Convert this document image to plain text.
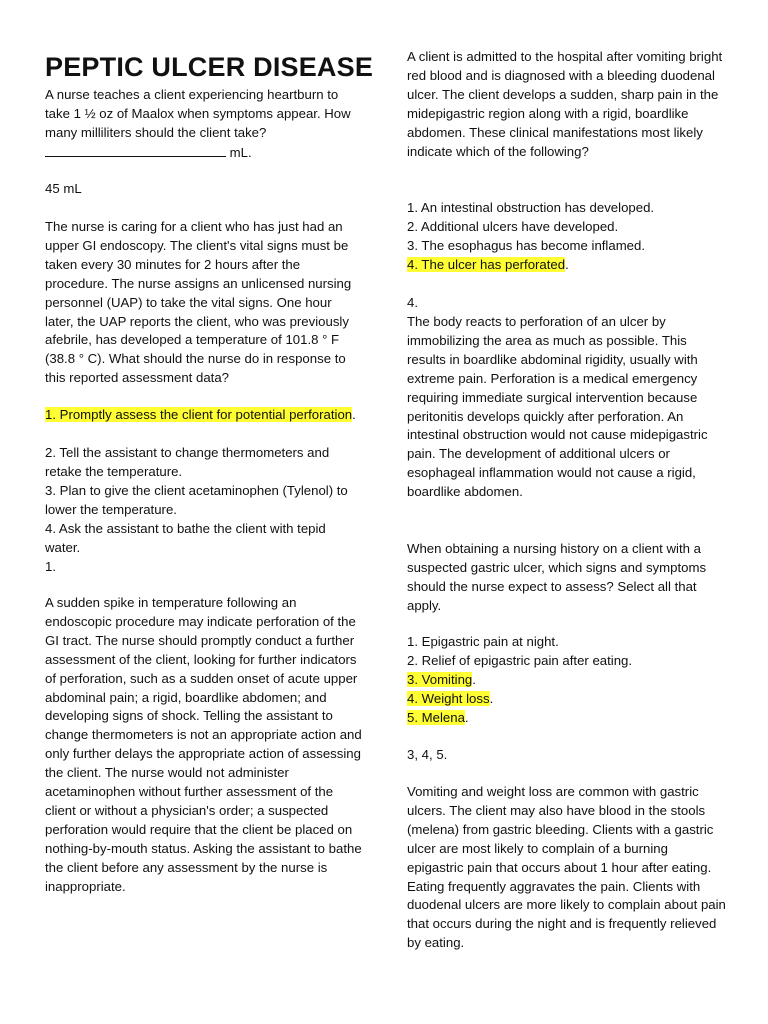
PEPTIC ULCER DISEASE

A nurse teaches a client experiencing heartburn to take 1 ½ oz of Maalox when symptoms appear. How many milliliters should the client take?
mL.

45 mL

The nurse is caring for a client who has just had an upper GI endoscopy. The client's vital signs must be taken every 30 minutes for 2 hours after the procedure. The nurse assigns an unlicensed nursing personnel (UAP) to take the vital signs. One hour later, the UAP reports the client, who was previously afebrile, has developed a temperature of 101.8 ° F (38.8 ° C). What should the nurse do in response to this reported assessment data?

1. Promptly assess the client for potential perforation.

2. Tell the assistant to change thermometers and retake the temperature.

3. Plan to give the client acetaminophen (Tylenol) to lower the temperature.

4. Ask the assistant to bathe the client with tepid water.

1.

A sudden spike in temperature following an endoscopic procedure may indicate perforation of the GI tract. The nurse should promptly conduct a further assessment of the client, looking for further indicators of perforation, such as a sudden onset of acute upper abdominal pain; a rigid, boardlike abdomen; and developing signs of shock. Telling the assistant to change thermometers is not an appropriate action and only further delays the appropriate action of assessing the client. The nurse would not administer acetaminophen without further assessment of the client or without a physician's order; a suspected perforation would require that the client be placed on nothing-by-mouth status. Asking the assistant to bathe the client before any assessment by the nurse is inappropriate.

A client is admitted to the hospital after vomiting bright red blood and is diagnosed with a bleeding duodenal ulcer. The client develops a sudden, sharp pain in the midepigastric region along with a rigid, boardlike abdomen. These clinical manifestations most likely indicate which of the following?

1. An intestinal obstruction has developed.

2. Additional ulcers have developed.

3. The esophagus has become inflamed.

4. The ulcer has perforated.

4.

The body reacts to perforation of an ulcer by immobilizing the area as much as possible. This results in boardlike abdominal rigidity, usually with extreme pain. Perforation is a medical emergency requiring immediate surgical intervention because peritonitis develops quickly after perforation. An intestinal obstruction would not cause midepigastric pain. The development of additional ulcers or esophageal inflammation would not cause a rigid, boardlike abdomen.

When obtaining a nursing history on a client with a suspected gastric ulcer, which signs and symptoms should the nurse expect to assess? Select all that apply.

1. Epigastric pain at night.

2. Relief of epigastric pain after eating.

3. Vomiting.

4. Weight loss.

5. Melena.

3, 4, 5.

Vomiting and weight loss are common with gastric ulcers. The client may also have blood in the stools (melena) from gastric bleeding. Clients with a gastric ulcer are most likely to complain of a burning epigastric pain that occurs about 1 hour after eating. Eating frequently aggravates the pain. Clients with duodenal ulcers are more likely to complain about pain that occurs during the night and is frequently relieved by eating.
